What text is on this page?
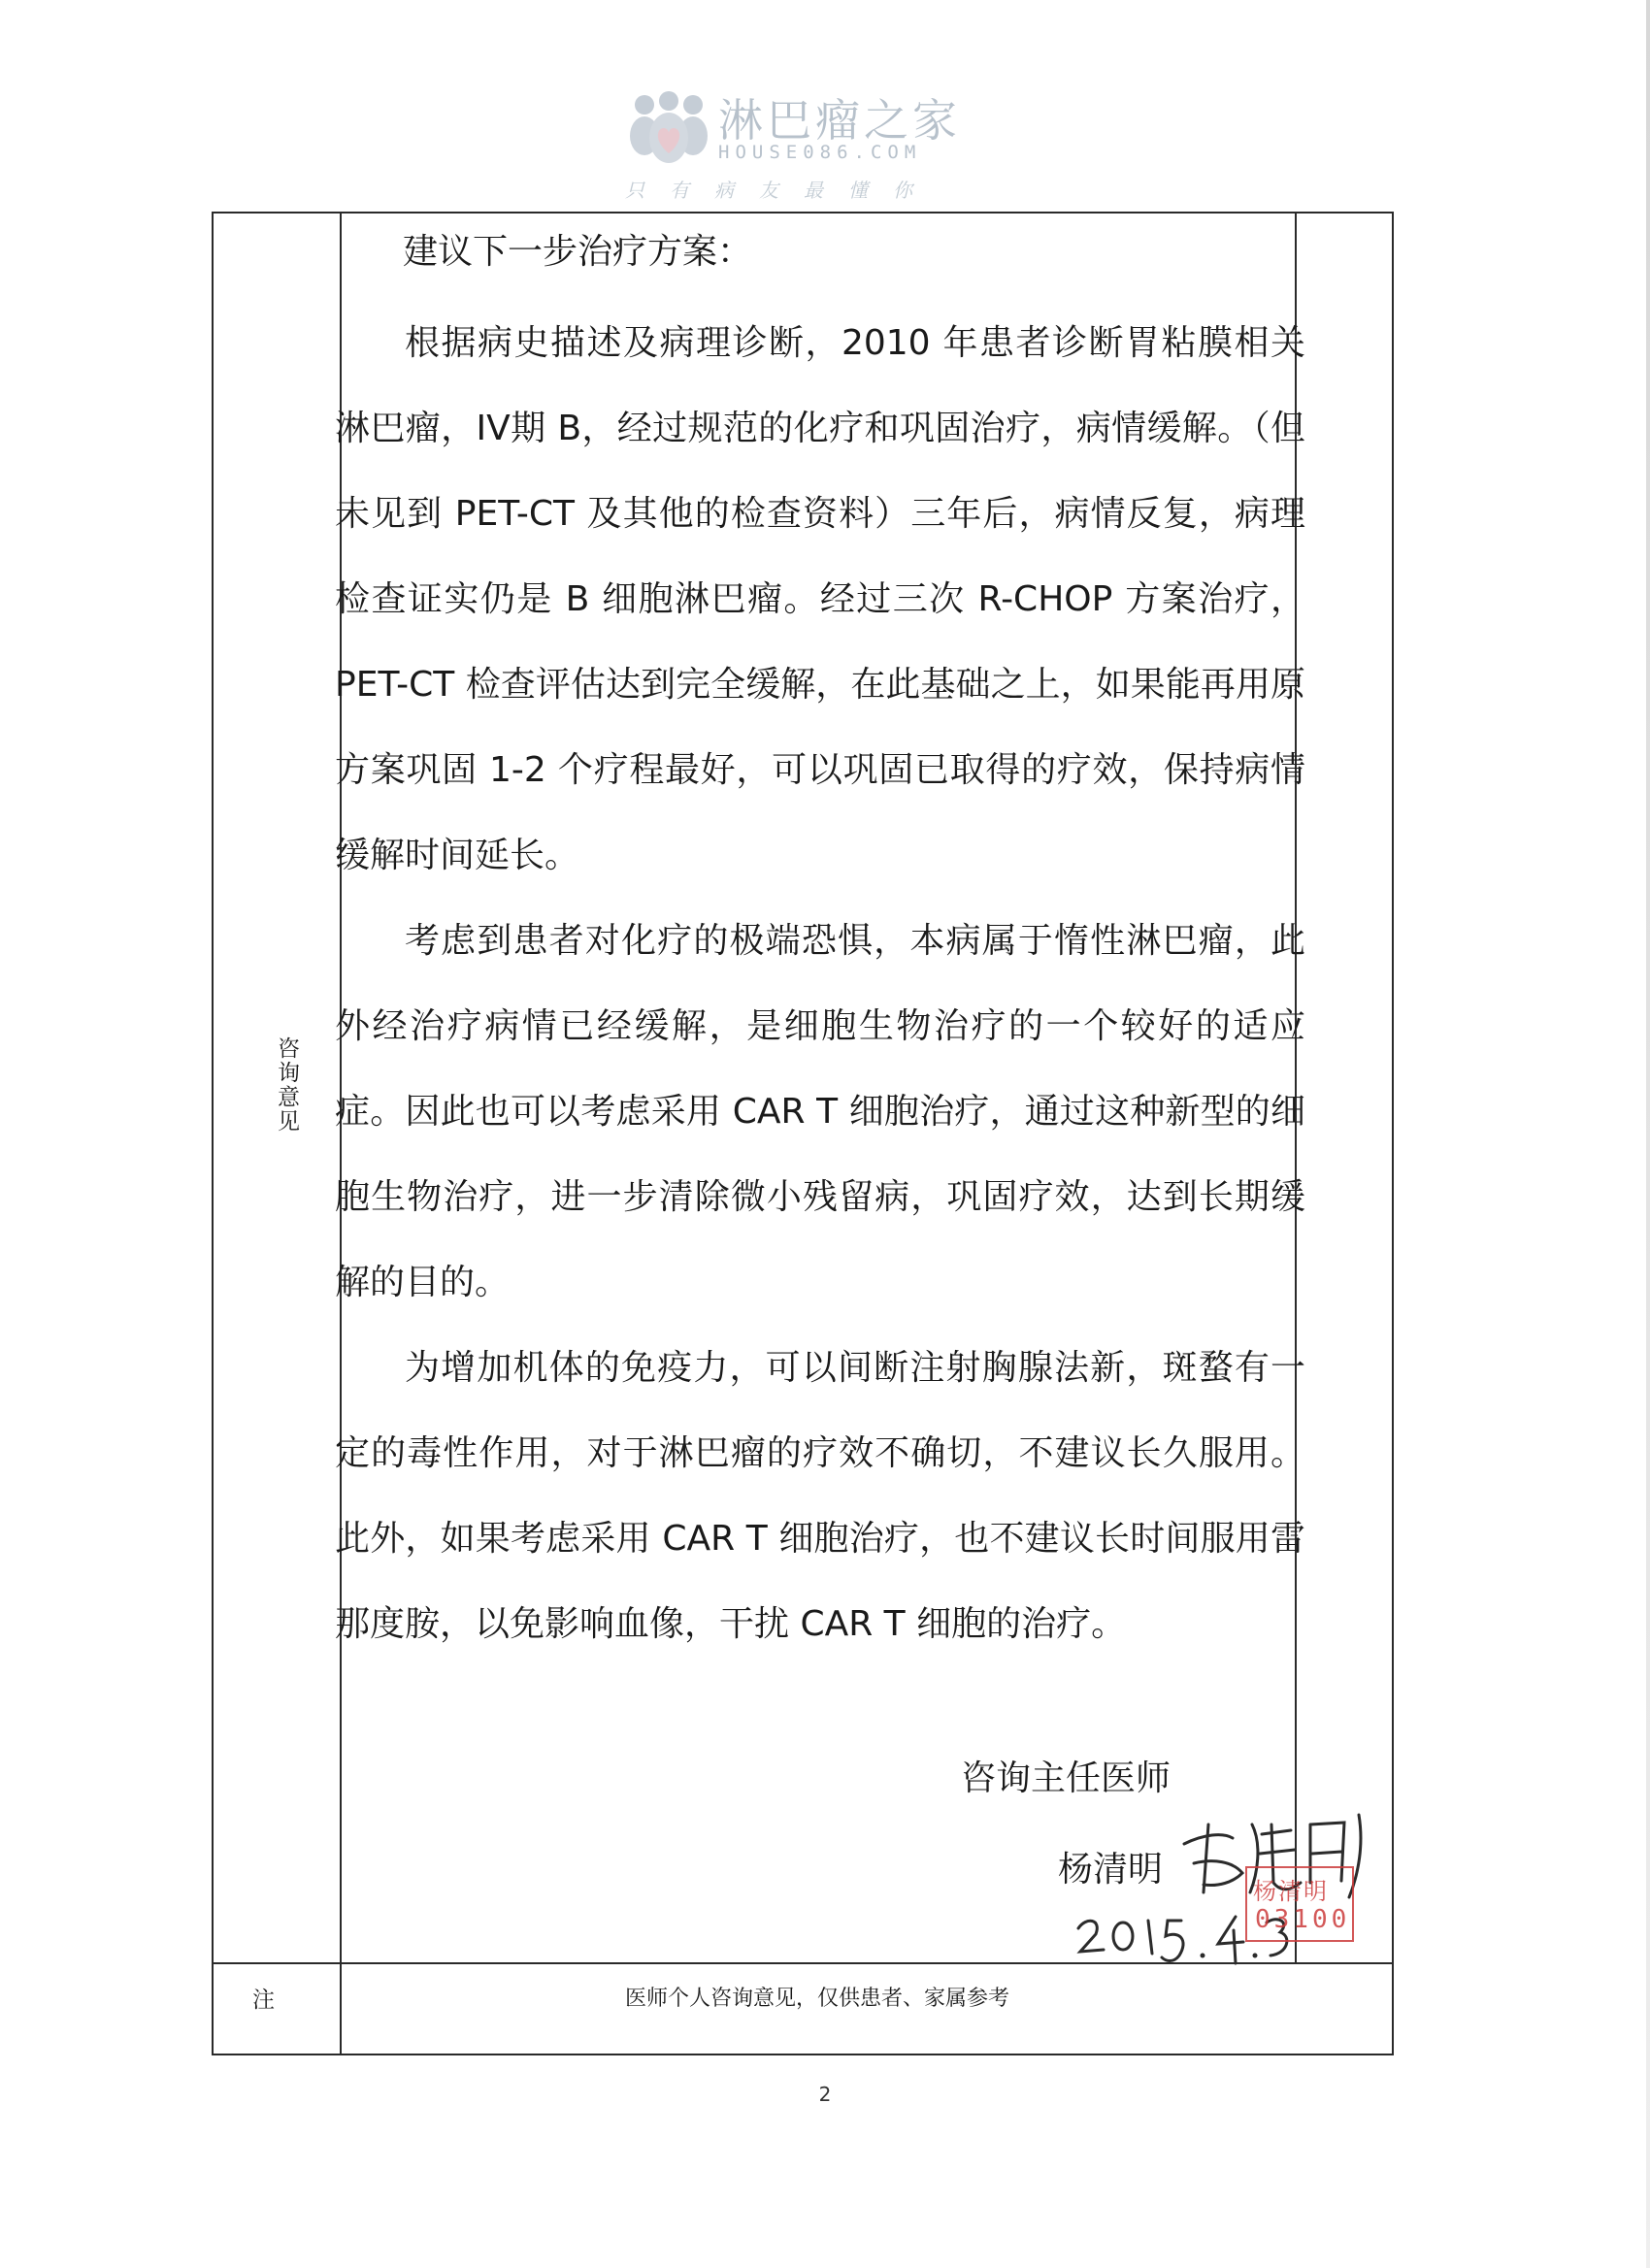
淋巴瘤之家
HOUSE086.COM
只有病友最懂你
咨询意见
注	医师个人咨询意见，仅供患者、家属参考

建议下一步治疗方案：

根据病史描述及病理诊断，2010 年患者诊断胃粘膜相关淋巴瘤，IV期 B，经过规范的化疗和巩固治疗，病情缓解。（但未见到 PET-CT 及其他的检查资料）三年后，病情反复，病理检查证实仍是 B 细胞淋巴瘤。经过三次 R-CHOP 方案治疗，PET-CT 检查评估达到完全缓解，在此基础之上，如果能再用原方案巩固 1-2 个疗程最好，可以巩固已取得的疗效，保持病情缓解时间延长。

考虑到患者对化疗的极端恐惧，本病属于惰性淋巴瘤，此外经治疗病情已经缓解，是细胞生物治疗的一个较好的适应症。因此也可以考虑采用 CAR T 细胞治疗，通过这种新型的细胞生物治疗，进一步清除微小残留病，巩固疗效，达到长期缓解的目的。

为增加机体的免疫力，可以间断注射胸腺法新，斑蝥有一定的毒性作用，对于淋巴瘤的疗效不确切，不建议长久服用。此外，如果考虑采用 CAR T 细胞治疗，也不建议长时间服用雷那度胺，以免影响血像，干扰 CAR T 细胞的治疗。

咨询主任医师
杨清明
杨清明
03100
2
